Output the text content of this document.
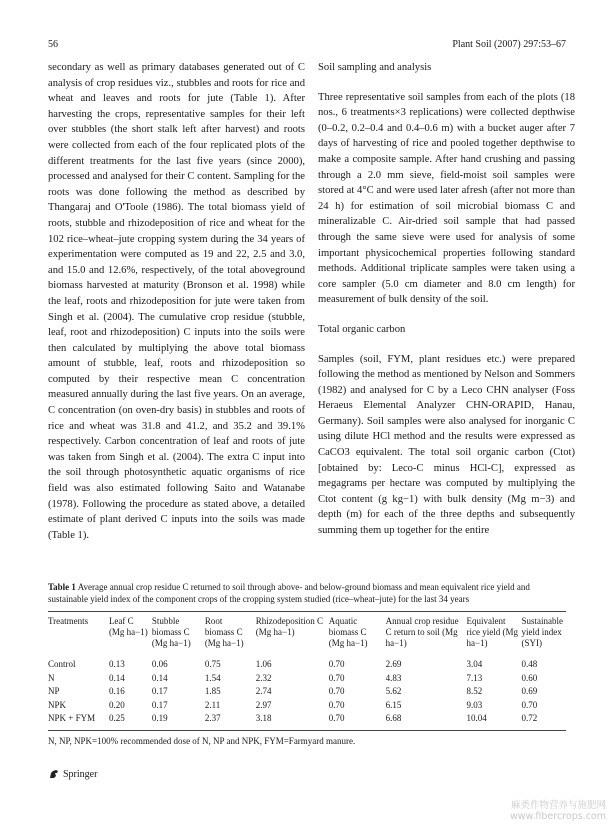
56	Plant Soil (2007) 297:53–67

secondary as well as primary databases generated out of C analysis of crop residues viz., stubbles and roots for rice and wheat and leaves and roots for jute (Table 1). After harvesting the crops, representative samples for their left over stubbles (the short stalk left after harvest) and roots were collected from each of the four replicated plots of the different treatments for the last five years (since 2000), processed and analysed for their C content. Sampling for the roots was done following the method as described by Thangaraj and O'Toole (1986). The total biomass yield of roots, stubble and rhizodeposition of rice and wheat for the 102 rice–wheat–jute cropping system during the 34 years of experimentation were computed as 19 and 22, 2.5 and 3.0, and 15.0 and 12.6%, respectively, of the total aboveground biomass harvested at maturity (Bronson et al. 1998) while the leaf, roots and rhizodeposition for jute were taken from Singh et al. (2004). The cumulative crop residue (stubble, leaf, root and rhizodeposition) C inputs into the soils were then calculated by multiplying the above total biomass amount of stubble, leaf, roots and rhizodeposition so computed by their respective mean C concentration measured annually during the last five years. On an average, C concentration (on oven-dry basis) in stubbles and roots of rice and wheat was 31.8 and 41.2, and 35.2 and 39.1% respectively. Carbon concentration of leaf and roots of jute was taken from Singh et al. (2004). The extra C input into the soil through photosynthetic aquatic organisms of rice field was also estimated following Saito and Watanabe (1978). Following the procedure as stated above, a detailed estimate of plant derived C inputs into the soils was made (Table 1).

Soil sampling and analysis

Three representative soil samples from each of the plots (18 nos., 6 treatments×3 replications) were collected depthwise (0–0.2, 0.2–0.4 and 0.4–0.6 m) with a bucket auger after 7 days of harvesting of rice and pooled together depthwise to make a composite sample. After hand crushing and passing through a 2.0 mm sieve, field-moist soil samples were stored at 4°C and were used later afresh (after not more than 24 h) for estimation of soil microbial biomass C and mineralizable C. Air-dried soil sample that had passed through the same sieve were used for analysis of some important physicochemical properties following standard methods. Additional triplicate samples were taken using a core sampler (5.0 cm diameter and 8.0 cm length) for measurement of bulk density of the soil.

Total organic carbon

Samples (soil, FYM, plant residues etc.) were prepared following the method as mentioned by Nelson and Sommers (1982) and analysed for C by a Leco CHN analyser (Foss Heraeus Elemental Analyzer CHN-ORAPID, Hanau, Germany). Soil samples were also analysed for inorganic C using dilute HCl method and the results were expressed as CaCO3 equivalent. The total soil organic carbon (Ctot) [obtained by: Leco-C minus HCl-C], expressed as megagrams per hectare was computed by multiplying the Ctot content (g kg−1) with bulk density (Mg m−3) and depth (m) for each of the three depths and subsequently summing them up together for the entire

Table 1 Average annual crop residue C returned to soil through above- and below-ground biomass and mean equivalent rice yield and sustainable yield index of the component crops of the cropping system studied (rice–wheat–jute) for the last 34 years
Treatments	Leaf C (Mg ha−1)	Stubble biomass C (Mg ha−1)	Root biomass C (Mg ha−1)	Rhizodeposition C (Mg ha−1)	Aquatic biomass C (Mg ha−1)	Annual crop residue C return to soil (Mg ha−1)	Equivalent rice yield (Mg ha−1)	Sustainable yield index (SYI)
Control	0.13	0.06	0.75	1.06	0.70	2.69	3.04	0.48
N	0.14	0.14	1.54	2.32	0.70	4.83	7.13	0.60
NP	0.16	0.17	1.85	2.74	0.70	5.62	8.52	0.69
NPK	0.20	0.17	2.11	2.97	0.70	6.15	9.03	0.70
NPK + FYM	0.25	0.19	2.37	3.18	0.70	6.68	10.04	0.72
N, NP, NPK=100% recommended dose of N, NP and NPK, FYM=Farmyard manure.
Springer
麻类作物营养与施肥网
www.fibercrops.com
